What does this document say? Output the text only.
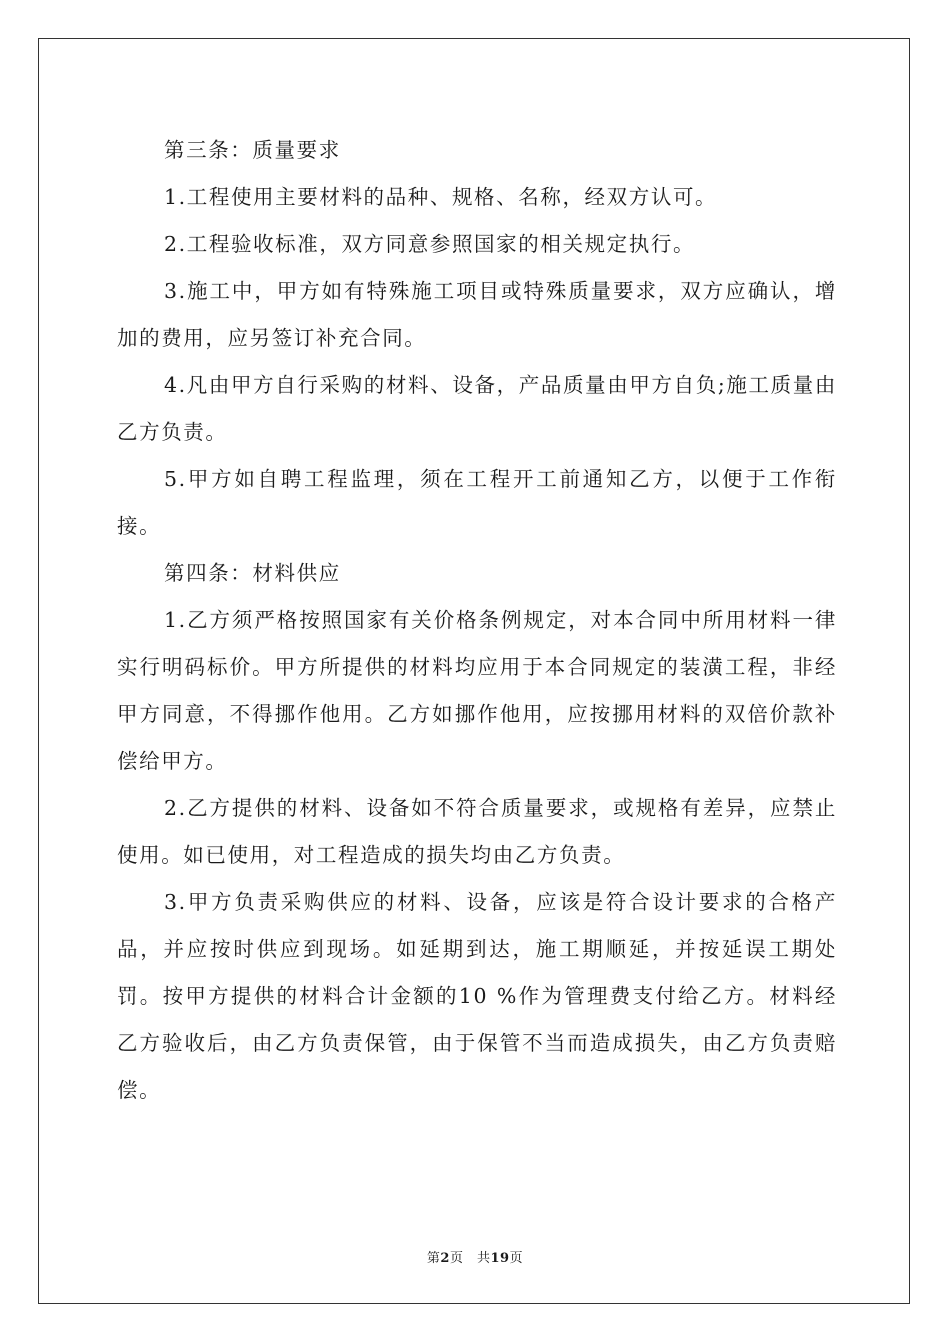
第三条：质量要求

1.工程使用主要材料的品种、规格、名称，经双方认可。

2.工程验收标准，双方同意参照国家的相关规定执行。

3.施工中，甲方如有特殊施工项目或特殊质量要求，双方应确认，增加的费用，应另签订补充合同。

4.凡由甲方自行采购的材料、设备，产品质量由甲方自负;施工质量由乙方负责。

5.甲方如自聘工程监理，须在工程开工前通知乙方，以便于工作衔接。

第四条：材料供应

1.乙方须严格按照国家有关价格条例规定，对本合同中所用材料一律实行明码标价。甲方所提供的材料均应用于本合同规定的装潢工程，非经甲方同意，不得挪作他用。乙方如挪作他用，应按挪用材料的双倍价款补偿给甲方。

2.乙方提供的材料、设备如不符合质量要求，或规格有差异，应禁止使用。如已使用，对工程造成的损失均由乙方负责。

3.甲方负责采购供应的材料、设备，应该是符合设计要求的合格产品，并应按时供应到现场。如延期到达，施工期顺延，并按延误工期处罚。按甲方提供的材料合计金额的10 %作为管理费支付给乙方。材料经乙方验收后，由乙方负责保管，由于保管不当而造成损失，由乙方负责赔偿。

第2页　共19页
